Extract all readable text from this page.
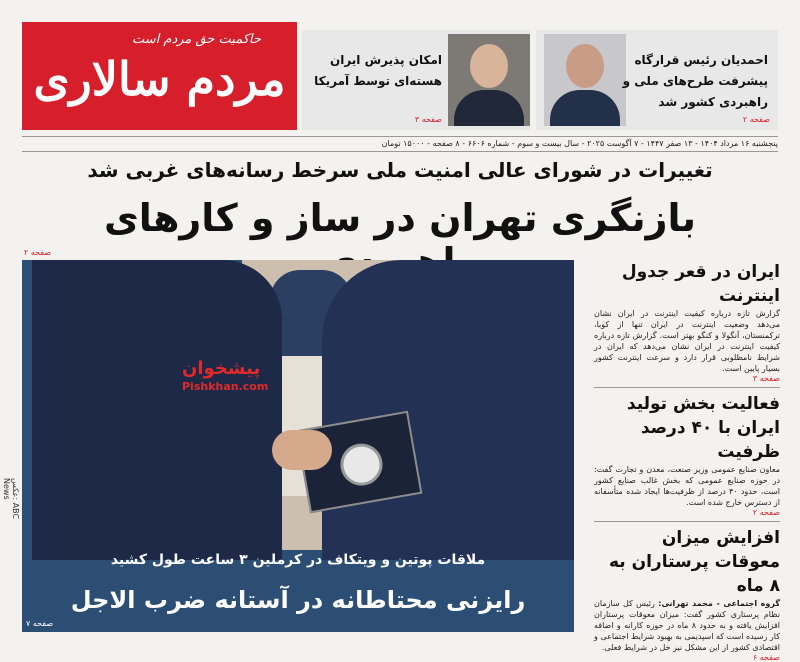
حاکمیت حق مردم است
مردم سالاری	احمدیان رئیس قرارگاه پیشرفت طرح‌های ملی و راهبردی کشور شد
صفحه ۲
امکان پذیرش ایران هسته‌ای توسط آمریکا
صفحه ۳
پنجشنبه ۱۶ مرداد ۱۴۰۴ - ۱۳ صفر ۱۴۴۷ - ۷ آگوست ۲۰۲۵ - سال بیست و سوم - شماره ۶۶۰۶ - ۸ صفحه - ۱۵۰۰۰ تومان
تغییرات در شورای عالی امنیت ملی سرخط رسانه‌های غربی شد
بازنگری تهران در ساز و کارهای
صفحه ۲
پیشخوان
Pishkhan.com
ملاقات پوتین و ویتکاف در کرملین ۳ ساعت طول کشید
رایزنی محتاطانه در آستانه ضرب الاجل
صفحه ۷
عکس: ABC News
ایران در قعر جدول اینترنت
گزارش تازه درباره کیفیت اینترنت در ایران نشان می‌دهد وضعیت اینترنت در ایران تنها از کوبا، ترکمنستان، آنگولا و کنگو بهتر است. گزارش تازه درباره کیفیت اینترنت در ایران نشان می‌دهد که ایران در شرایط نامطلوبی قرار دارد و سرعت اینترنت کشور بسیار پایین است.
صفحه ۳
فعالیت بخش تولید ایران با ۴۰ درصد ظرفیت
معاون صنایع عمومی وزیر صنعت، معدن و تجارت گفت: در حوزه صنایع عمومی که بخش غالب صنایع کشور است، حدود ۴۰ درصد از ظرفیت‌ها ایجاد شده متأسفانه از دسترس خارج شده است.
صفحه ۲
افزایش میزان معوقات پرستاران به ۸ ماه
گروه اجتماعی - محمد تهرانی: رئیس کل سازمان نظام پرستاری کشور گفت: میزان معوقات پرستاران افزایش یافته و به حدود ۸ ماه در حوزه کارانه و اضافه کار رسیده است که اسپدیمی به بهبود شرایط اجتماعی و اقتصادی کشور از این مشکل نیز خل در شرایط فعلی.
صفحه ۶
